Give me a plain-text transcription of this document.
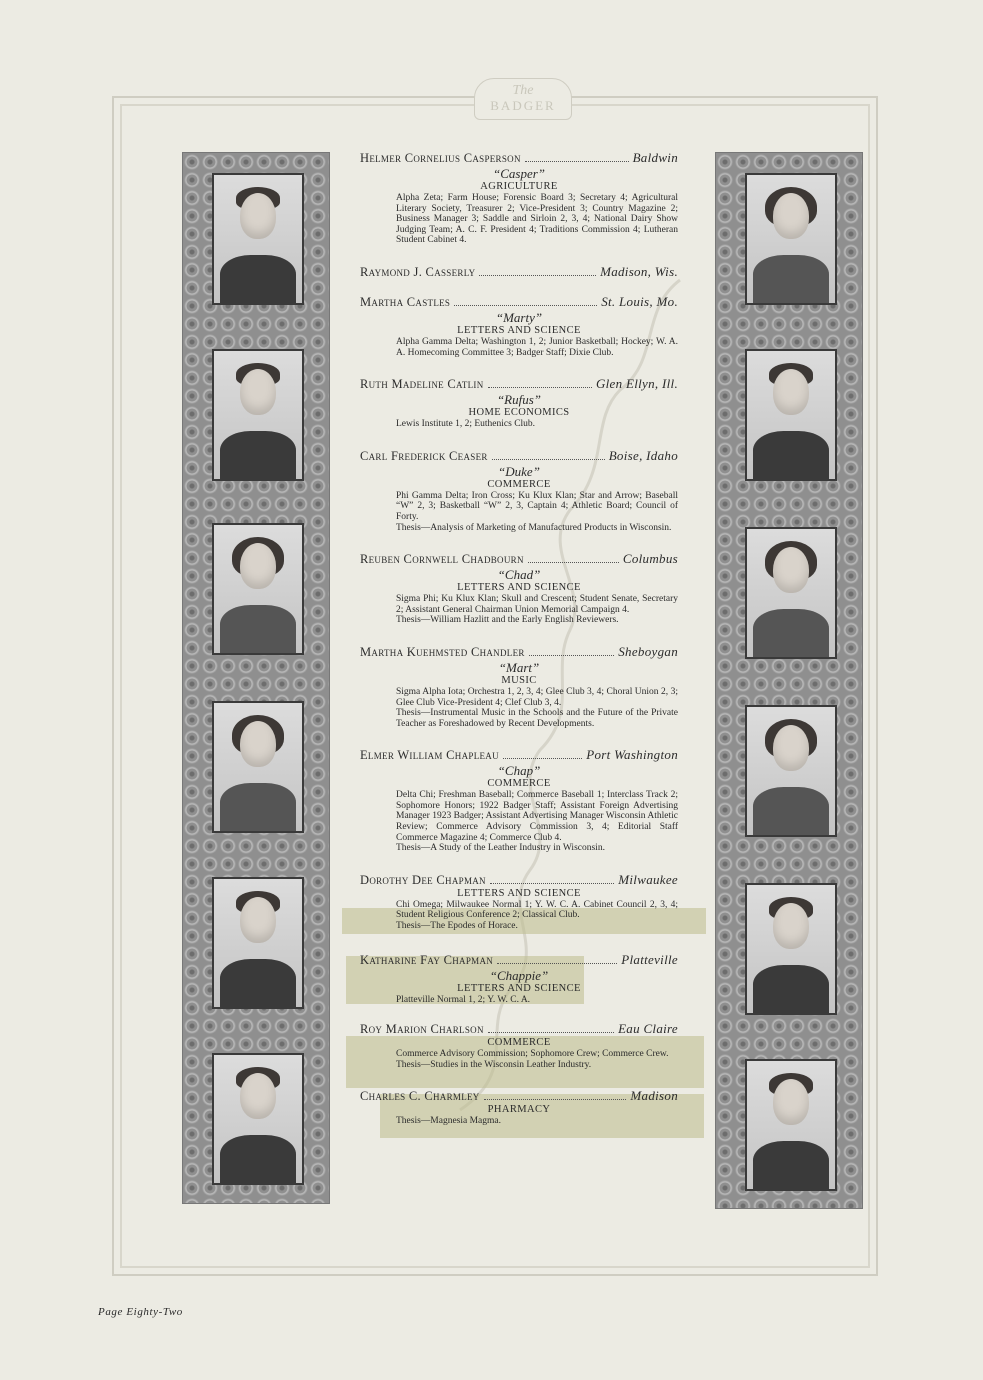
The
BADGER
Helmer Cornelius Casperson	Baldwin
“Casper”
AGRICULTURE
Alpha Zeta; Farm House; Forensic Board 3; Secretary 4; Agricultural Literary Society, Treasurer 2; Vice-President 3; Country Magazine 2; Business Manager 3; Saddle and Sirloin 2, 3, 4; National Dairy Show Judging Team; A. C. F. President 4; Traditions Commission 4; Lutheran Student Cabinet 4.
Raymond J. Casserly	Madison, Wis.
Martha Castles	St. Louis, Mo.
“Marty”
LETTERS AND SCIENCE
Alpha Gamma Delta; Washington 1, 2; Junior Basketball; Hockey; W. A. A. Homecoming Committee 3; Badger Staff; Dixie Club.
Ruth Madeline Catlin	Glen Ellyn, Ill.
“Rufus”
HOME ECONOMICS
Lewis Institute 1, 2; Euthenics Club.
Carl Frederick Ceaser	Boise, Idaho
“Duke”
COMMERCE
Phi Gamma Delta; Iron Cross; Ku Klux Klan; Star and Arrow; Baseball “W” 2, 3; Basketball “W” 2, 3, Captain 4; Athletic Board; Council of Forty.
Thesis—Analysis of Marketing of Manufactured Products in Wisconsin.
Reuben Cornwell Chadbourn	Columbus
“Chad”
LETTERS AND SCIENCE
Sigma Phi; Ku Klux Klan; Skull and Crescent; Student Senate, Secretary 2; Assistant General Chairman Union Memorial Campaign 4.
Thesis—William Hazlitt and the Early English Reviewers.
Martha Kuehmsted Chandler	Sheboygan
“Mart”
MUSIC
Sigma Alpha Iota; Orchestra 1, 2, 3, 4; Glee Club 3, 4; Choral Union 2, 3; Glee Club Vice-President 4; Clef Club 3, 4.
Thesis—Instrumental Music in the Schools and the Future of the Private Teacher as Foreshadowed by Recent Developments.
Elmer William Chapleau	Port Washington
“Chap”
COMMERCE
Delta Chi; Freshman Baseball; Commerce Baseball 1; Interclass Track 2; Sophomore Honors; 1922 Badger Staff; Assistant Foreign Advertising Manager 1923 Badger; Assistant Advertising Manager Wisconsin Athletic Review; Commerce Advisory Commission 3, 4; Editorial Staff Commerce Magazine 4; Commerce Club 4.
Thesis—A Study of the Leather Industry in Wisconsin.
Dorothy Dee Chapman	Milwaukee
LETTERS AND SCIENCE
Chi Omega; Milwaukee Normal 1; Y. W. C. A. Cabinet Council 2, 3, 4; Student Religious Conference 2; Classical Club.
Thesis—The Epodes of Horace.
Katharine Fay Chapman	Platteville
“Chappie”
LETTERS AND SCIENCE
Platteville Normal 1, 2; Y. W. C. A.
Roy Marion Charlson	Eau Claire
COMMERCE
Commerce Advisory Commission; Sophomore Crew; Commerce Crew.
Thesis—Studies in the Wisconsin Leather Industry.
Charles C. Charmley	Madison
PHARMACY
Thesis—Magnesia Magma.
Page Eighty-Two
